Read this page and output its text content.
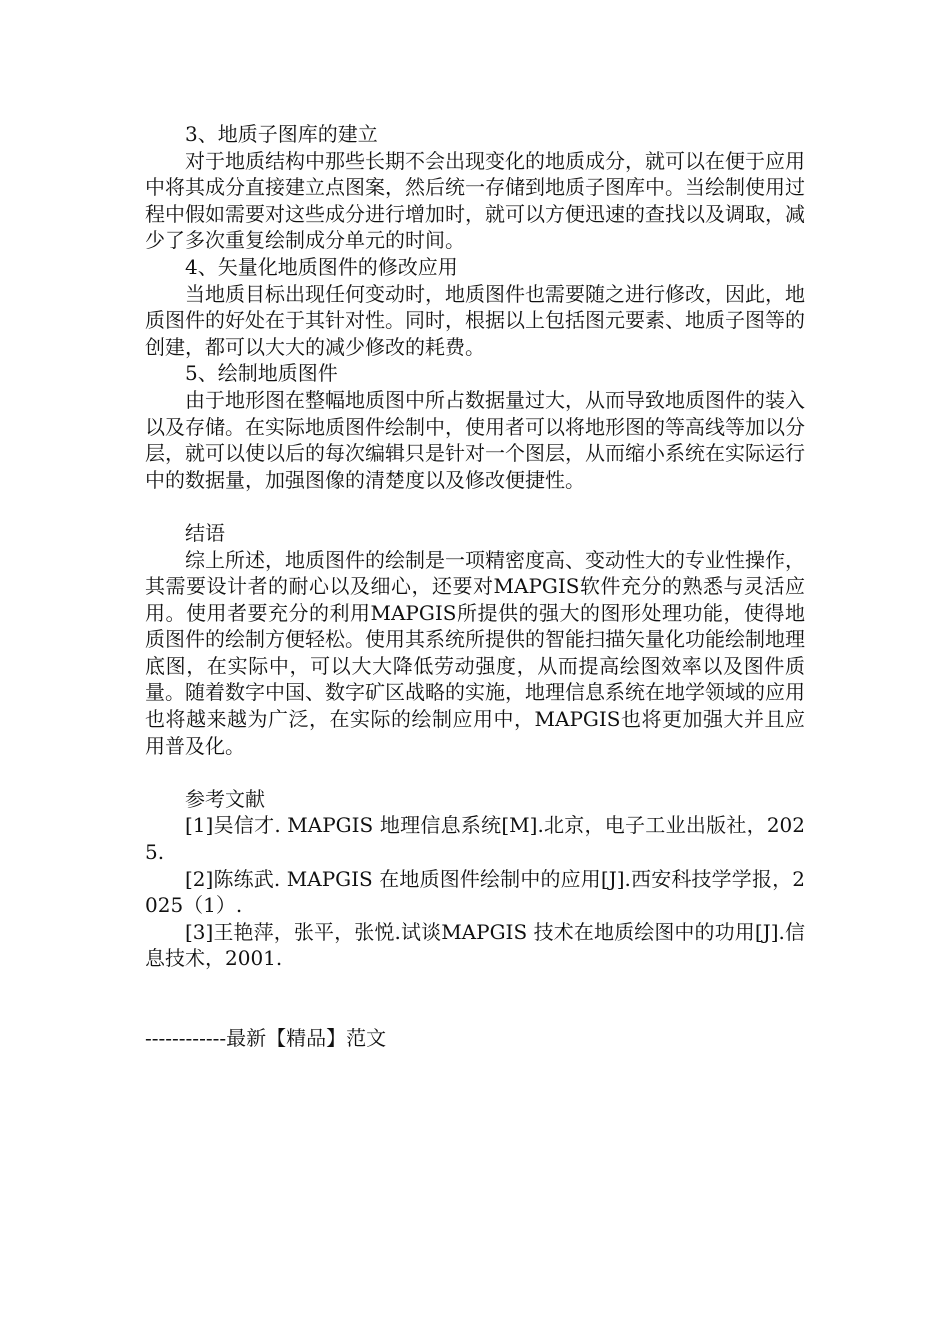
3、地质子图库的建立

对于地质结构中那些长期不会出现变化的地质成分，就可以在便于应用中将其成分直接建立点图案，然后统一存储到地质子图库中。当绘制使用过程中假如需要对这些成分进行增加时，就可以方便迅速的查找以及调取，减少了多次重复绘制成分单元的时间。

4、矢量化地质图件的修改应用

当地质目标出现任何变动时，地质图件也需要随之进行修改，因此，地质图件的好处在于其针对性。同时，根据以上包括图元要素、地质子图等的创建，都可以大大的减少修改的耗费。

5、绘制地质图件

由于地形图在整幅地质图中所占数据量过大，从而导致地质图件的装入以及存储。在实际地质图件绘制中，使用者可以将地形图的等高线等加以分层，就可以使以后的每次编辑只是针对一个图层，从而缩小系统在实际运行中的数据量，加强图像的清楚度以及修改便捷性。

结语

综上所述，地质图件的绘制是一项精密度高、变动性大的专业性操作，其需要设计者的耐心以及细心，还要对MAPGIS软件充分的熟悉与灵活应用。使用者要充分的利用MAPGIS所提供的强大的图形处理功能，使得地质图件的绘制方便轻松。使用其系统所提供的智能扫描矢量化功能绘制地理底图，在实际中，可以大大降低劳动强度，从而提高绘图效率以及图件质量。随着数字中国、数字矿区战略的实施，地理信息系统在地学领域的应用也将越来越为广泛，在实际的绘制应用中，MAPGIS也将更加强大并且应用普及化。

参考文献

[1]吴信才. MAPGIS 地理信息系统[M].北京，电子工业出版社，2025.

[2]陈练武. MAPGIS 在地质图件绘制中的应用[J].西安科技学学报，2025（1）.

[3]王艳萍，张平，张悦.试谈MAPGIS 技术在地质绘图中的功用[J].信息技术，2001.

------------最新【精品】范文
